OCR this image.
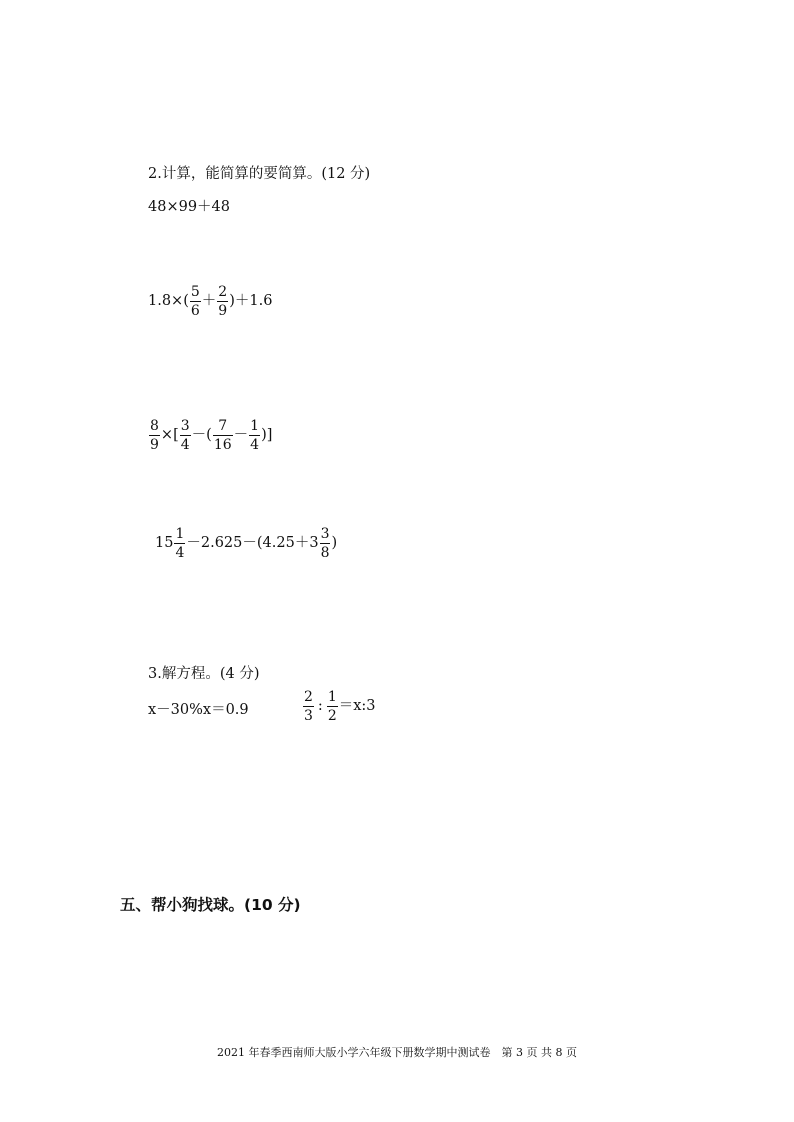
2.计算，能简算的要简算。(12 分)
48×99＋48
$1.8\times( \frac{5}{6} + \frac{2}{9} )+1.6$
$\frac{8}{9}$ ×[ $\frac{3}{4}$ －( $\frac{7}{16} - \frac{1}{4}$ )]
$15 \frac{1}{4} -2.625-(4.25+3 \frac{3}{8}$ )
3.解方程。(4 分)
x－30%x＝0.9	$\frac{2}{3}$ : $\frac{1}{2}$ ＝x:3
五、帮小狗找球。(10 分)
2021 年春季西南师大版小学六年级下册数学期中测试卷　第 3 页 共 8 页
